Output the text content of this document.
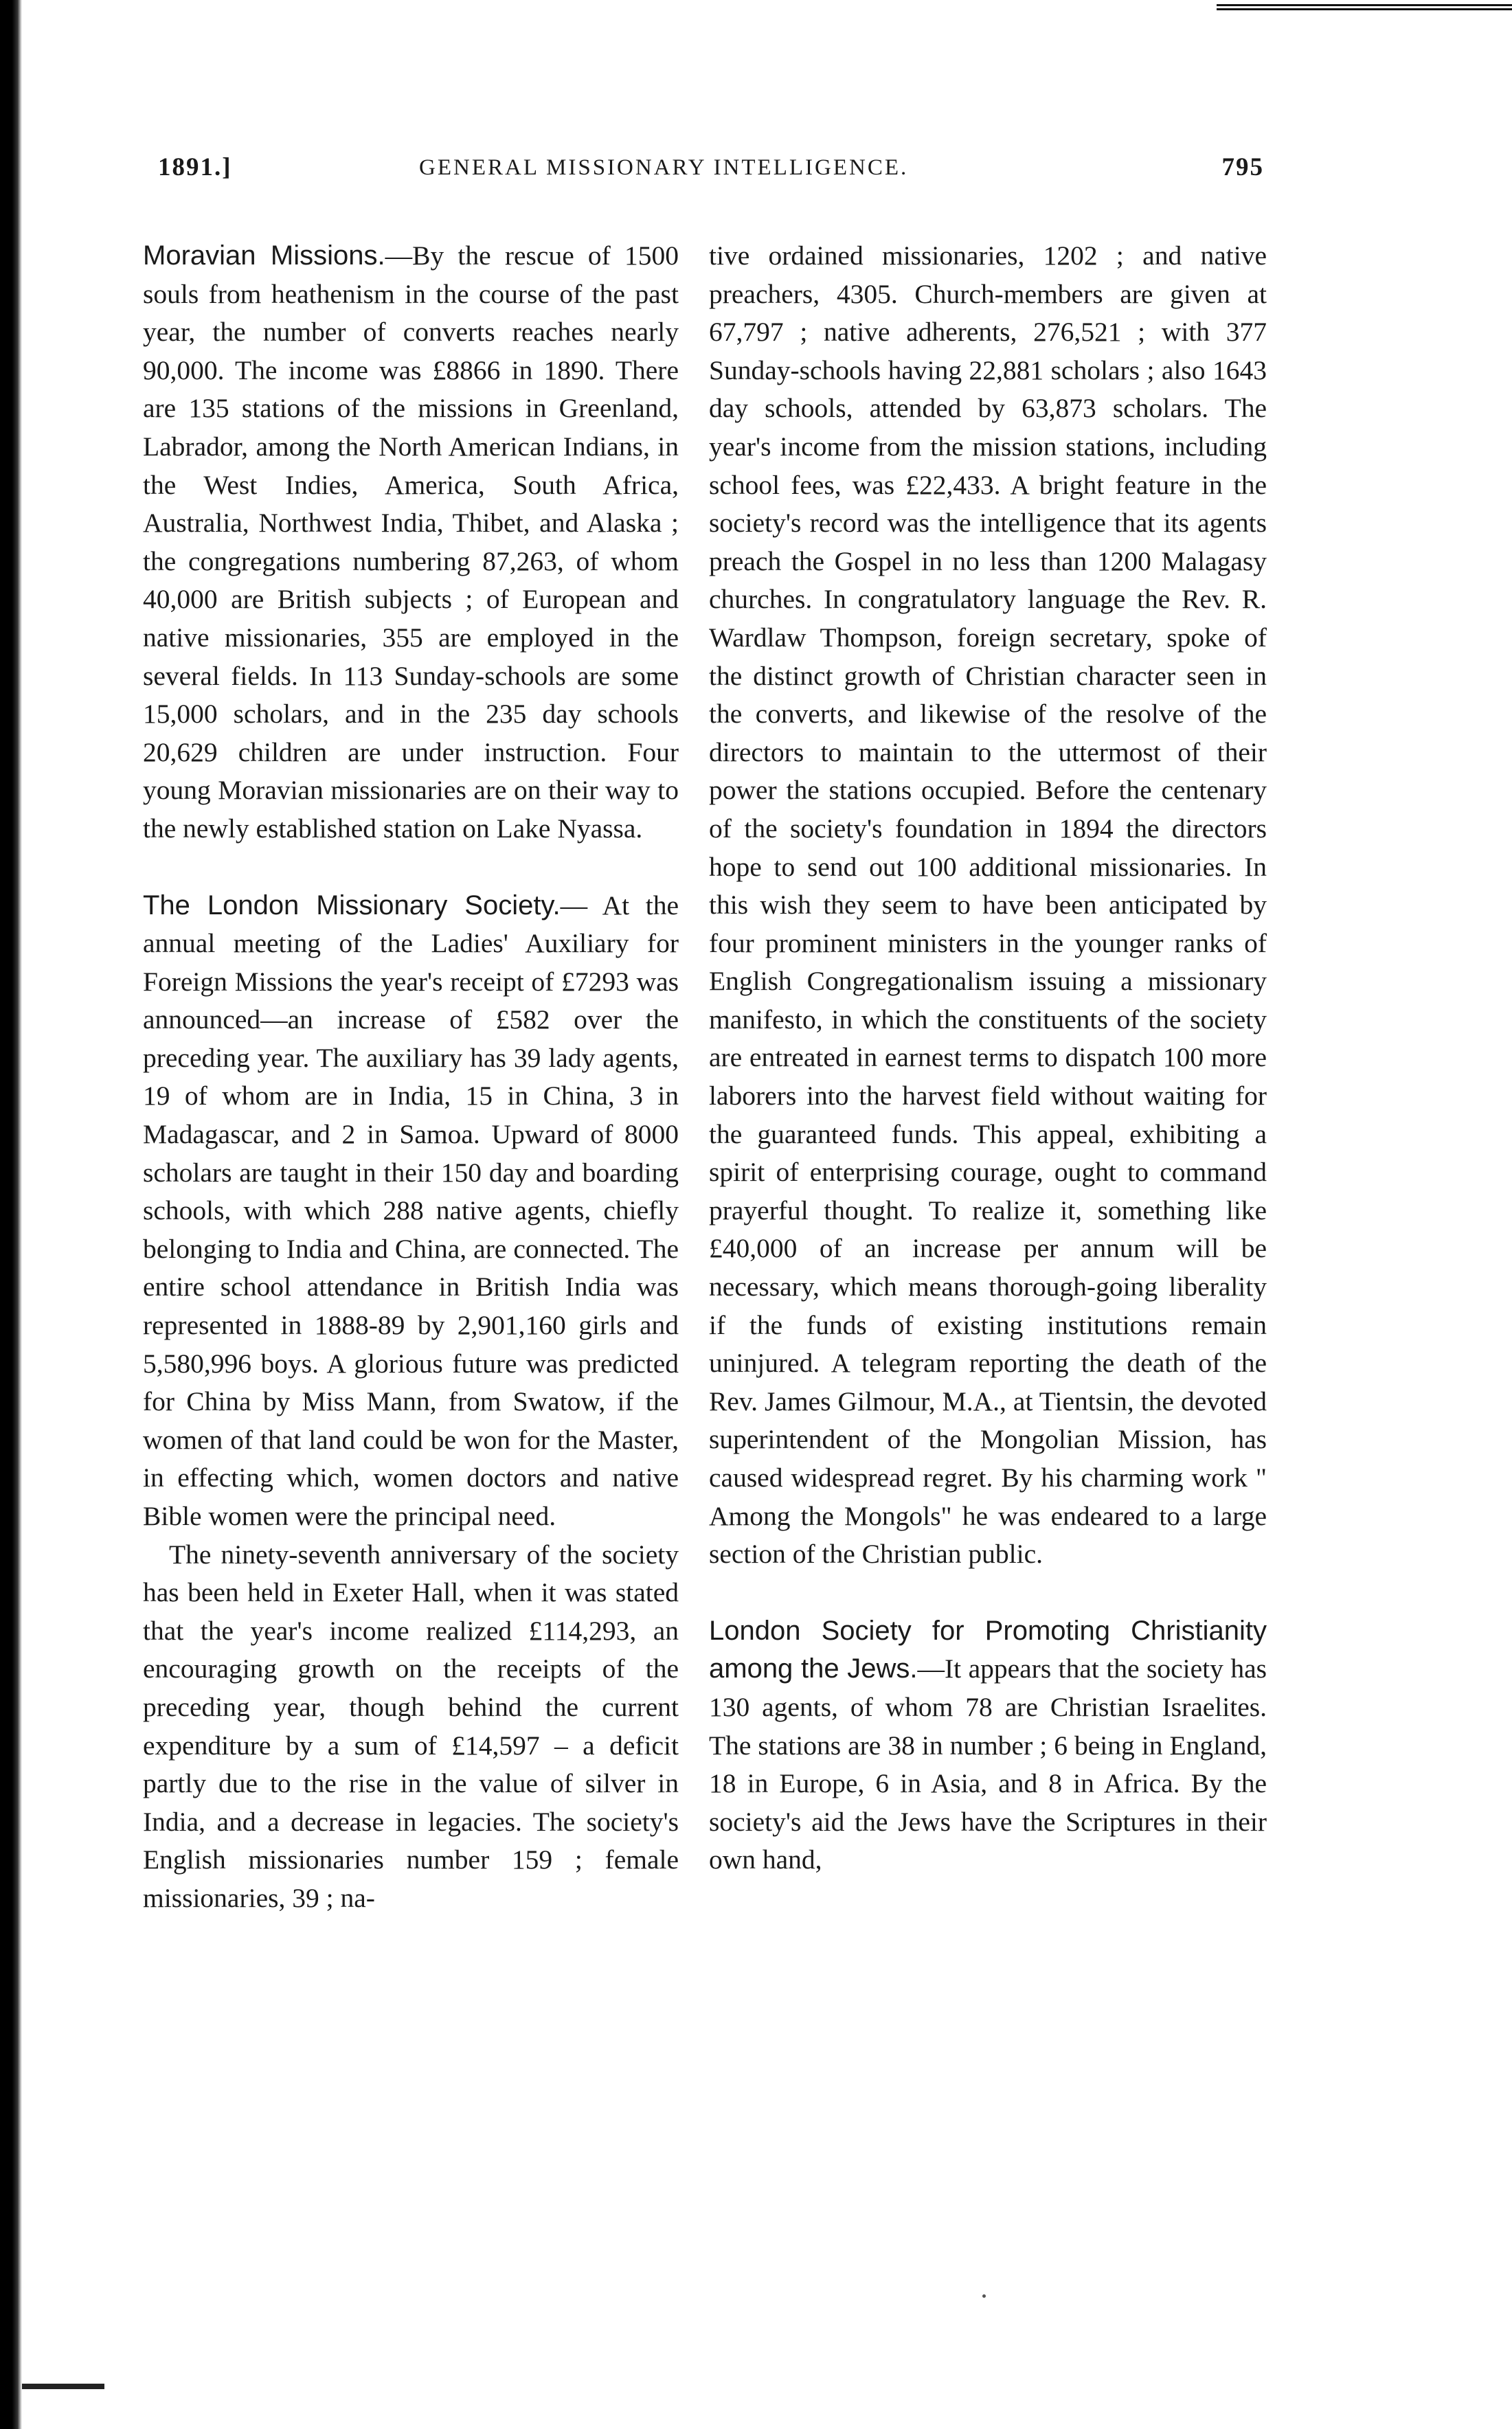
1891.]	GENERAL MISSIONARY INTELLIGENCE.	795

Moravian Missions.—By the rescue of 1500 souls from heathenism in the course of the past year, the number of converts reaches nearly 90,000. The income was £8866 in 1890. There are 135 stations of the missions in Greenland, Labrador, among the North American Indians, in the West Indies, America, South Africa, Australia, Northwest India, Thibet, and Alaska ; the congregations numbering 87,263, of whom 40,000 are British subjects ; of European and native missionaries, 355 are employed in the several fields. In 113 Sunday-schools are some 15,000 scholars, and in the 235 day schools 20,629 children are under instruction. Four young Moravian missionaries are on their way to the newly established station on Lake Nyassa.

The London Missionary Society.— At the annual meeting of the Ladies' Auxiliary for Foreign Missions the year's receipt of £7293 was announced—an increase of £582 over the preceding year. The auxiliary has 39 lady agents, 19 of whom are in India, 15 in China, 3 in Madagascar, and 2 in Samoa. Upward of 8000 scholars are taught in their 150 day and boarding schools, with which 288 native agents, chiefly belonging to India and China, are connected. The entire school attendance in British India was represented in 1888-89 by 2,901,160 girls and 5,580,996 boys. A glorious future was predicted for China by Miss Mann, from Swatow, if the women of that land could be won for the Master, in effecting which, women doctors and native Bible women were the principal need.

The ninety-seventh anniversary of the society has been held in Exeter Hall, when it was stated that the year's income realized £114,293, an encouraging growth on the receipts of the preceding year, though behind the current expenditure by a sum of £14,597 – a deficit partly due to the rise in the value of silver in India, and a decrease in legacies. The society's English missionaries number 159 ; female missionaries, 39 ; na-

tive ordained missionaries, 1202 ; and native preachers, 4305. Church-members are given at 67,797 ; native adherents, 276,521 ; with 377 Sunday-schools having 22,881 scholars ; also 1643 day schools, attended by 63,873 scholars. The year's income from the mission stations, including school fees, was £22,433. A bright feature in the society's record was the intelligence that its agents preach the Gospel in no less than 1200 Malagasy churches. In congratulatory language the Rev. R. Wardlaw Thompson, foreign secretary, spoke of the distinct growth of Christian character seen in the converts, and likewise of the resolve of the directors to maintain to the uttermost of their power the stations occupied. Before the centenary of the society's foundation in 1894 the directors hope to send out 100 additional missionaries. In this wish they seem to have been anticipated by four prominent ministers in the younger ranks of English Congregationalism issuing a missionary manifesto, in which the constituents of the society are entreated in earnest terms to dispatch 100 more laborers into the harvest field without waiting for the guaranteed funds. This appeal, exhibiting a spirit of enterprising courage, ought to command prayerful thought. To realize it, something like £40,000 of an increase per annum will be necessary, which means thorough-going liberality if the funds of existing institutions remain uninjured. A telegram reporting the death of the Rev. James Gilmour, M.A., at Tientsin, the devoted superintendent of the Mongolian Mission, has caused widespread regret. By his charming work " Among the Mongols" he was endeared to a large section of the Christian public.

London Society for Promoting Christianity among the Jews.—It appears that the society has 130 agents, of whom 78 are Christian Israelites. The stations are 38 in number ; 6 being in England, 18 in Europe, 6 in Asia, and 8 in Africa. By the society's aid the Jews have the Scriptures in their own hand,
